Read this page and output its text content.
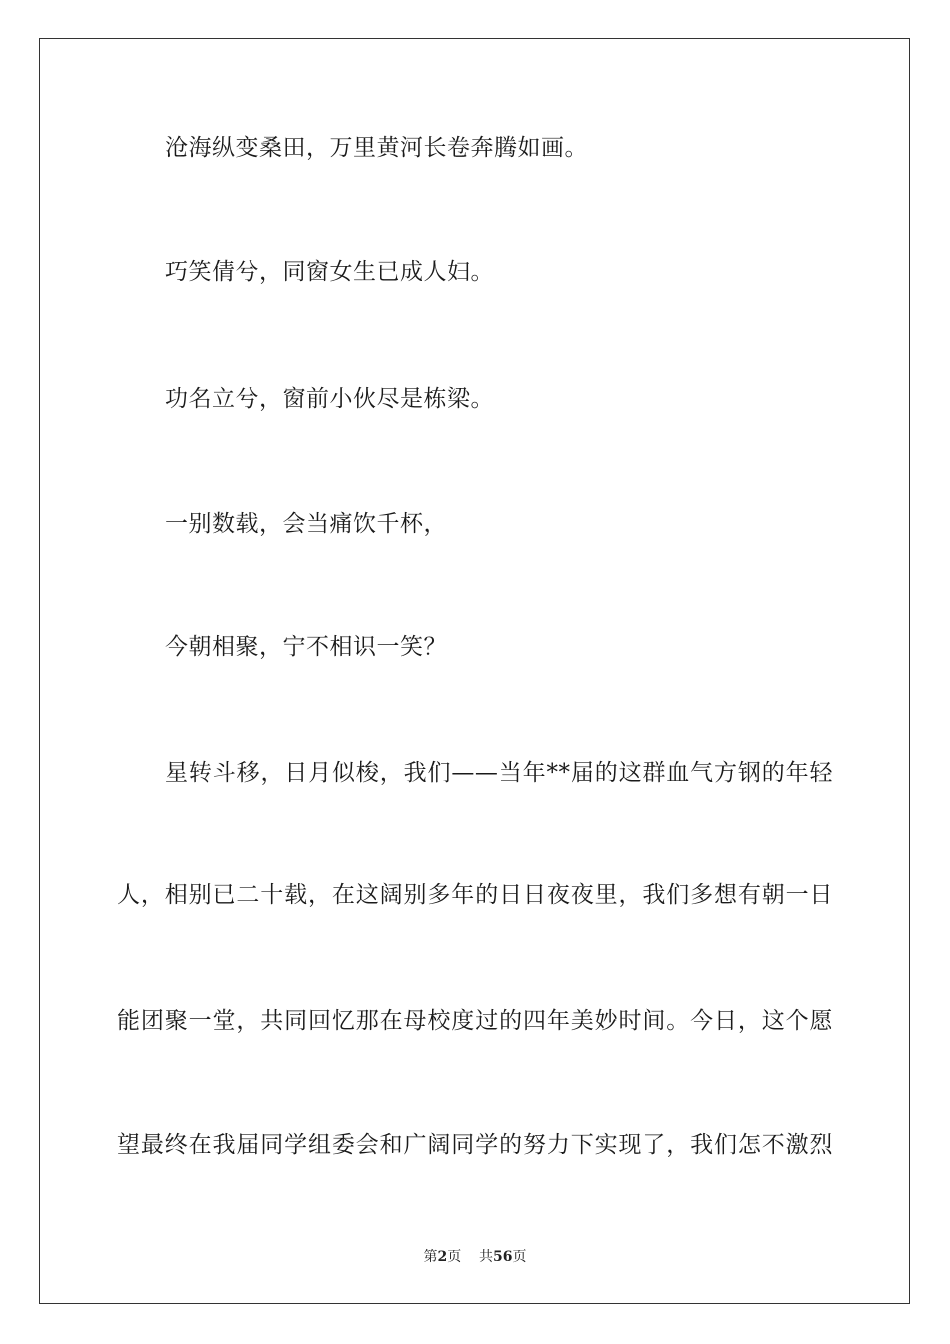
沧海纵变桑田，万里黄河长卷奔腾如画。
巧笑倩兮，同窗女生已成人妇。
功名立兮，窗前小伙尽是栋梁。
一别数载，会当痛饮千杯，
今朝相聚，宁不相识一笑？
星转斗移，日月似梭，我们——当年**届的这群血气方钢的年轻
人，相别已二十载，在这阔别多年的日日夜夜里，我们多想有朝一日
能团聚一堂，共同回忆那在母校度过的四年美妙时间。今日，这个愿
望最终在我届同学组委会和广阔同学的努力下实现了，我们怎不激烈
第2页 共56页
